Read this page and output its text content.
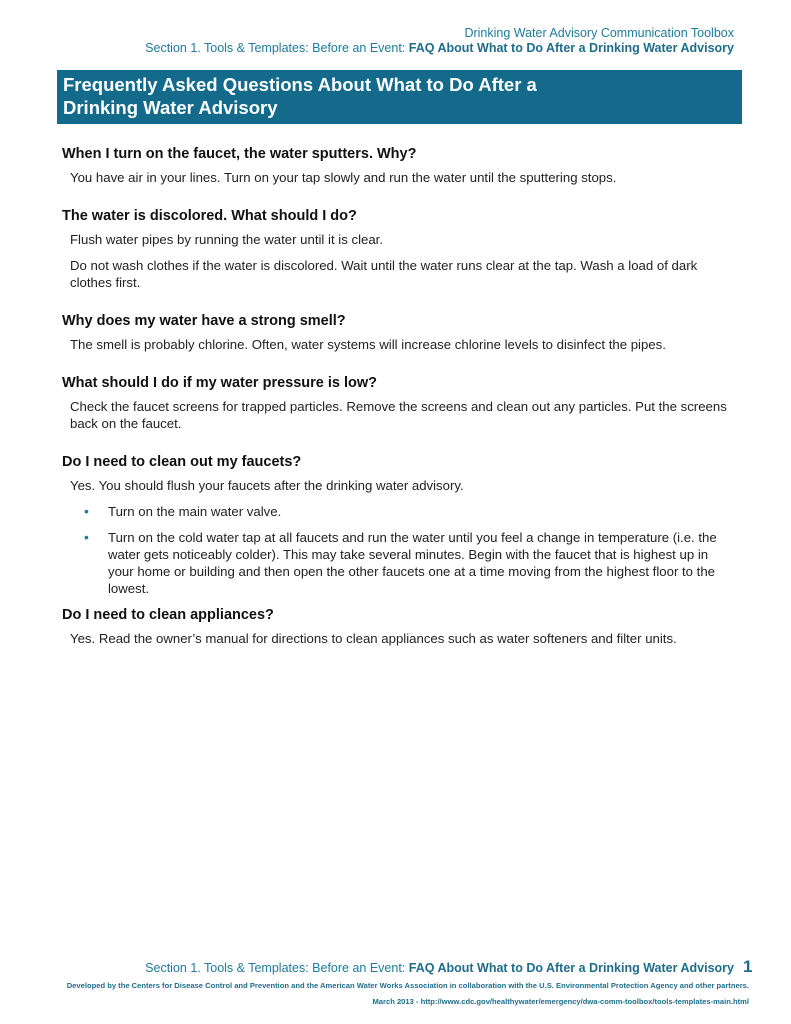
Drinking Water Advisory Communication Toolbox
Section 1. Tools & Templates: Before an Event: FAQ About What to Do After a Drinking Water Advisory
Frequently Asked Questions About What to Do After a
Drinking Water Advisory

When I turn on the faucet, the water sputters. Why?

You have air in your lines. Turn on your tap slowly and run the water until the sputtering stops.

The water is discolored. What should I do?

Flush water pipes by running the water until it is clear.

Do not wash clothes if the water is discolored. Wait until the water runs clear at the tap. Wash a load of dark clothes first.

Why does my water have a strong smell?

The smell is probably chlorine. Often, water systems will increase chlorine levels to disinfect the pipes.

What should I do if my water pressure is low?

Check the faucet screens for trapped particles. Remove the screens and clean out any particles. Put the screens back on the faucet.

Do I need to clean out my faucets?

Yes. You should flush your faucets after the drinking water advisory.

• Turn on the main water valve.
• Turn on the cold water tap at all faucets and run the water until you feel a change in temperature (i.e. the water gets noticeably colder). This may take several minutes. Begin with the faucet that is highest up in your home or building and then open the other faucets one at a time moving from the highest floor to the lowest.

Do I need to clean appliances?

Yes. Read the owner’s manual for directions to clean appliances such as water softeners and filter units.

Section 1. Tools & Templates: Before an Event: FAQ About What to Do After a Drinking Water Advisory 1
Developed by the Centers for Disease Control and Prevention and the American Water Works Association in collaboration with the U.S. Environmental Protection Agency and other partners.
March 2013 - http://www.cdc.gov/healthywater/emergency/dwa-comm-toolbox/tools-templates-main.html
